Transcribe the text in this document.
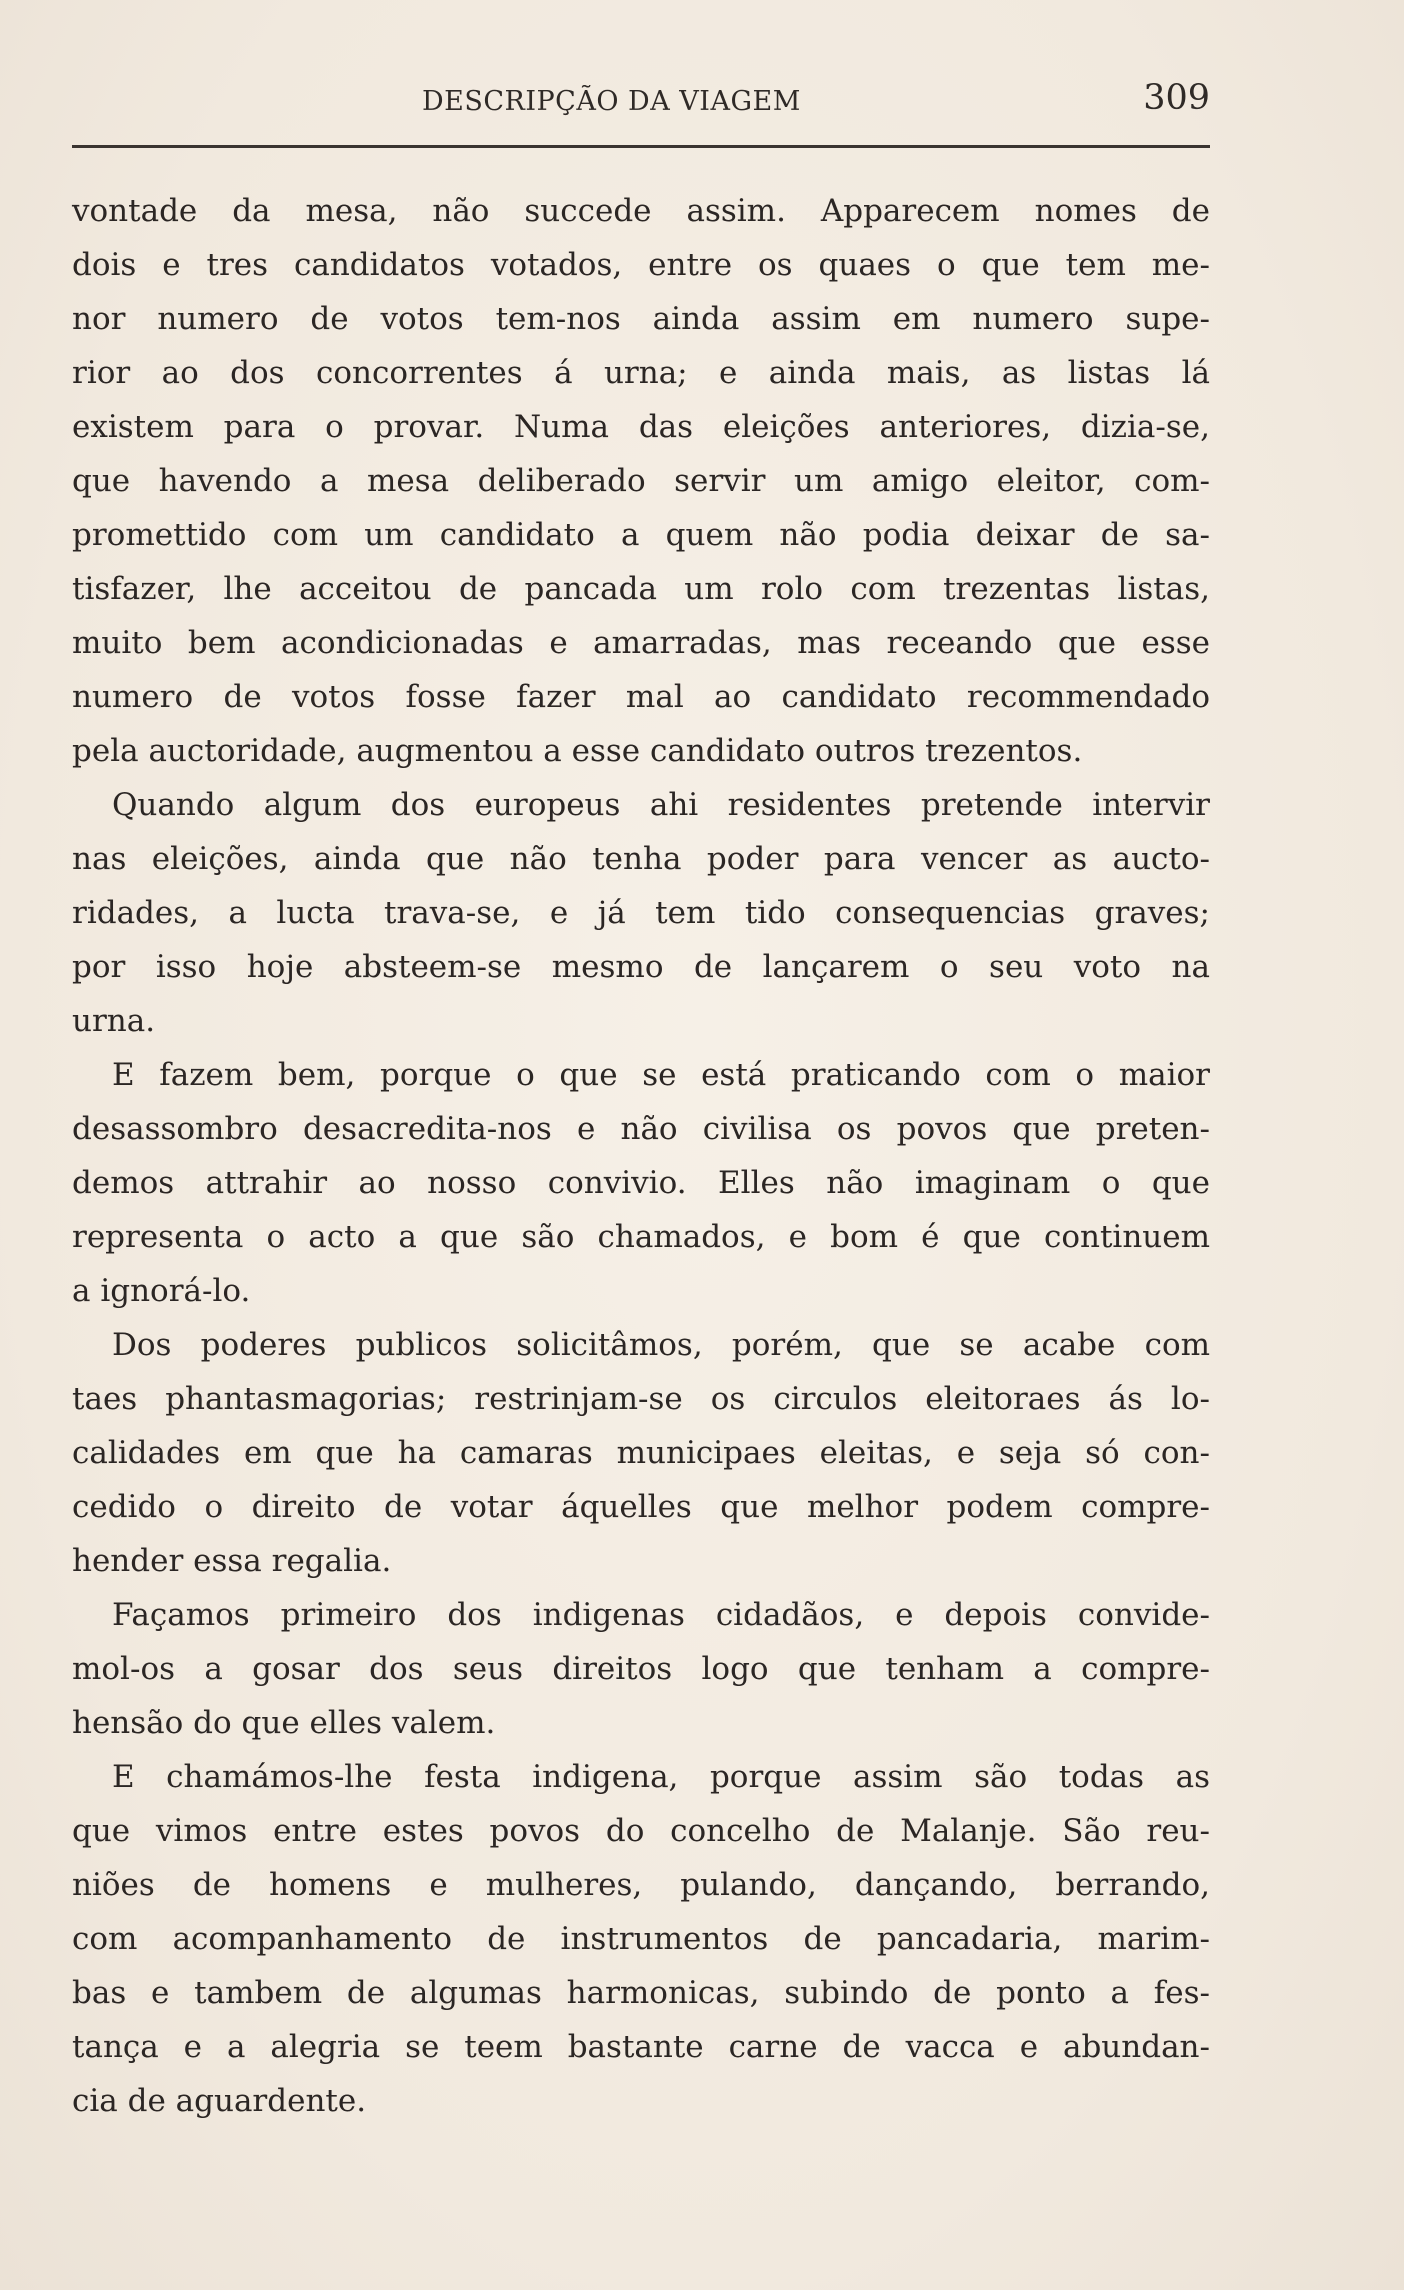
DESCRIPÇÃO DA VIAGEM	309
vontade da mesa, não succede assim. Apparecem nomes de
dois e tres candidatos votados, entre os quaes o que tem me-
nor numero de votos tem-nos ainda assim em numero supe-
rior ao dos concorrentes á urna; e ainda mais, as listas lá
existem para o provar. Numa das eleições anteriores, dizia-se,
que havendo a mesa deliberado servir um amigo eleitor, com-
promettido com um candidato a quem não podia deixar de sa-
tisfazer, lhe acceitou de pancada um rolo com trezentas listas,
muito bem acondicionadas e amarradas, mas receando que esse
numero de votos fosse fazer mal ao candidato recommendado
pela auctoridade, augmentou a esse candidato outros trezentos.
Quando algum dos europeus ahi residentes pretende intervir
nas eleições, ainda que não tenha poder para vencer as aucto-
ridades, a lucta trava-se, e já tem tido consequencias graves;
por isso hoje absteem-se mesmo de lançarem o seu voto na
urna.
E fazem bem, porque o que se está praticando com o maior
desassombro desacredita-nos e não civilisa os povos que preten-
demos attrahir ao nosso convivio. Elles não imaginam o que
representa o acto a que são chamados, e bom é que continuem
a ignorá-lo.
Dos poderes publicos solicitâmos, porém, que se acabe com
taes phantasmagorias; restrinjam-se os circulos eleitoraes ás lo-
calidades em que ha camaras municipaes eleitas, e seja só con-
cedido o direito de votar áquelles que melhor podem compre-
hender essa regalia.
Façamos primeiro dos indigenas cidadãos, e depois convide-
mol-os a gosar dos seus direitos logo que tenham a compre-
hensão do que elles valem.
E chamámos-lhe festa indigena, porque assim são todas as
que vimos entre estes povos do concelho de Malanje. São reu-
niões de homens e mulheres, pulando, dançando, berrando,
com acompanhamento de instrumentos de pancadaria, marim-
bas e tambem de algumas harmonicas, subindo de ponto a fes-
tança e a alegria se teem bastante carne de vacca e abundan-
cia de aguardente.
